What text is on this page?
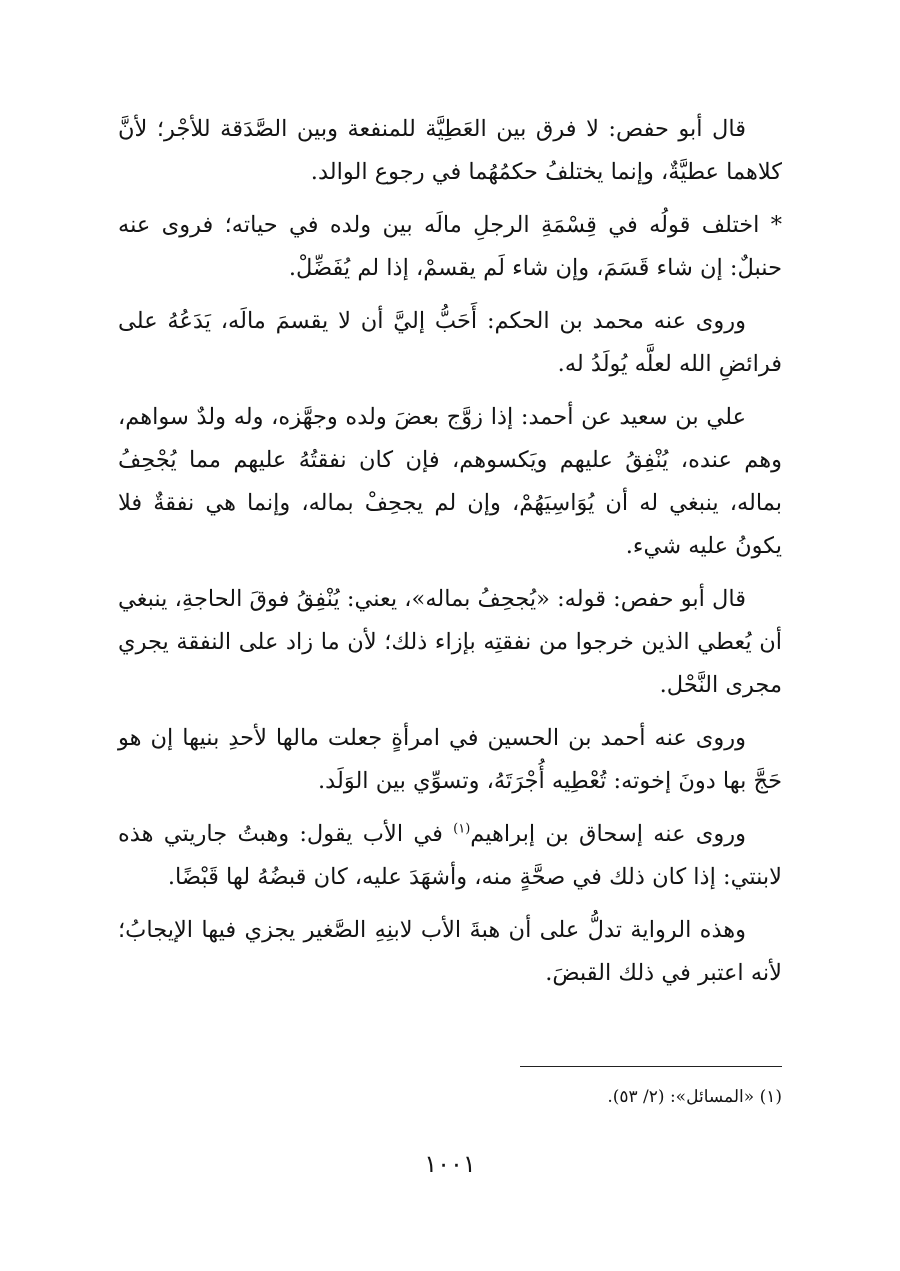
قال أبو حفص: لا فرق بين العَطِيَّة للمنفعة وبين الصَّدَقة للأجْر؛ لأنَّ كلاهما عطيَّةٌ، وإنما يختلفُ حكمُهُما في رجوع الوالد.

* اختلف قولُه في قِسْمَةِ الرجلِ مالَه بين ولده في حياته؛ فروى عنه حنبلٌ: إن شاء قَسَمَ، وإن شاء لَم يقسمْ، إذا لم يُفَضِّلْ.

وروى عنه محمد بن الحكم: أَحَبُّ إليَّ أن لا يقسمَ مالَه، يَدَعُهُ على فرائضِ الله لعلَّه يُولَدُ له.

علي بن سعيد عن أحمد: إذا زوَّج بعضَ ولده وجهَّزه، وله ولدٌ سواهم، وهم عنده، يُنْفِقُ عليهم ويَكسوهم، فإن كان نفقتُهُ عليهم مما يُجْحِفُ بماله، ينبغي له أن يُوَاسِيَهُمْ، وإن لم يجحِفْ بماله، وإنما هي نفقةٌ فلا يكونُ عليه شيء.

قال أبو حفص: قوله: «يُجحِفُ بماله»، يعني: يُنْفِقُ فوقَ الحاجةِ، ينبغي أن يُعطي الذين خرجوا من نفقتِه بإزاء ذلك؛ لأن ما زاد على النفقة يجري مجرى النَّحْل.

وروى عنه أحمد بن الحسين في امرأةٍ جعلت مالها لأحدِ بنيها إن هو حَجَّ بها دونَ إخوته: تُعْطِيه أُجْرَتَهُ، وتسوِّي بين الوَلَد.

وروى عنه إسحاق بن إبراهيم$^{(١)}$ في الأب يقول: وهبتُ جاريتي هذه لابنتي: إذا كان ذلك في صحَّةٍ منه، وأشهَدَ عليه، كان قبضُهُ لها قَبْضًا.

وهذه الرواية تدلُّ على أن هبةَ الأب لابنِهِ الصَّغير يجزي فيها الإيجابُ؛ لأنه اعتبر في ذلك القبضَ.

(١) «المسائل»: (٢/ ٥٣).

١٠٠١
